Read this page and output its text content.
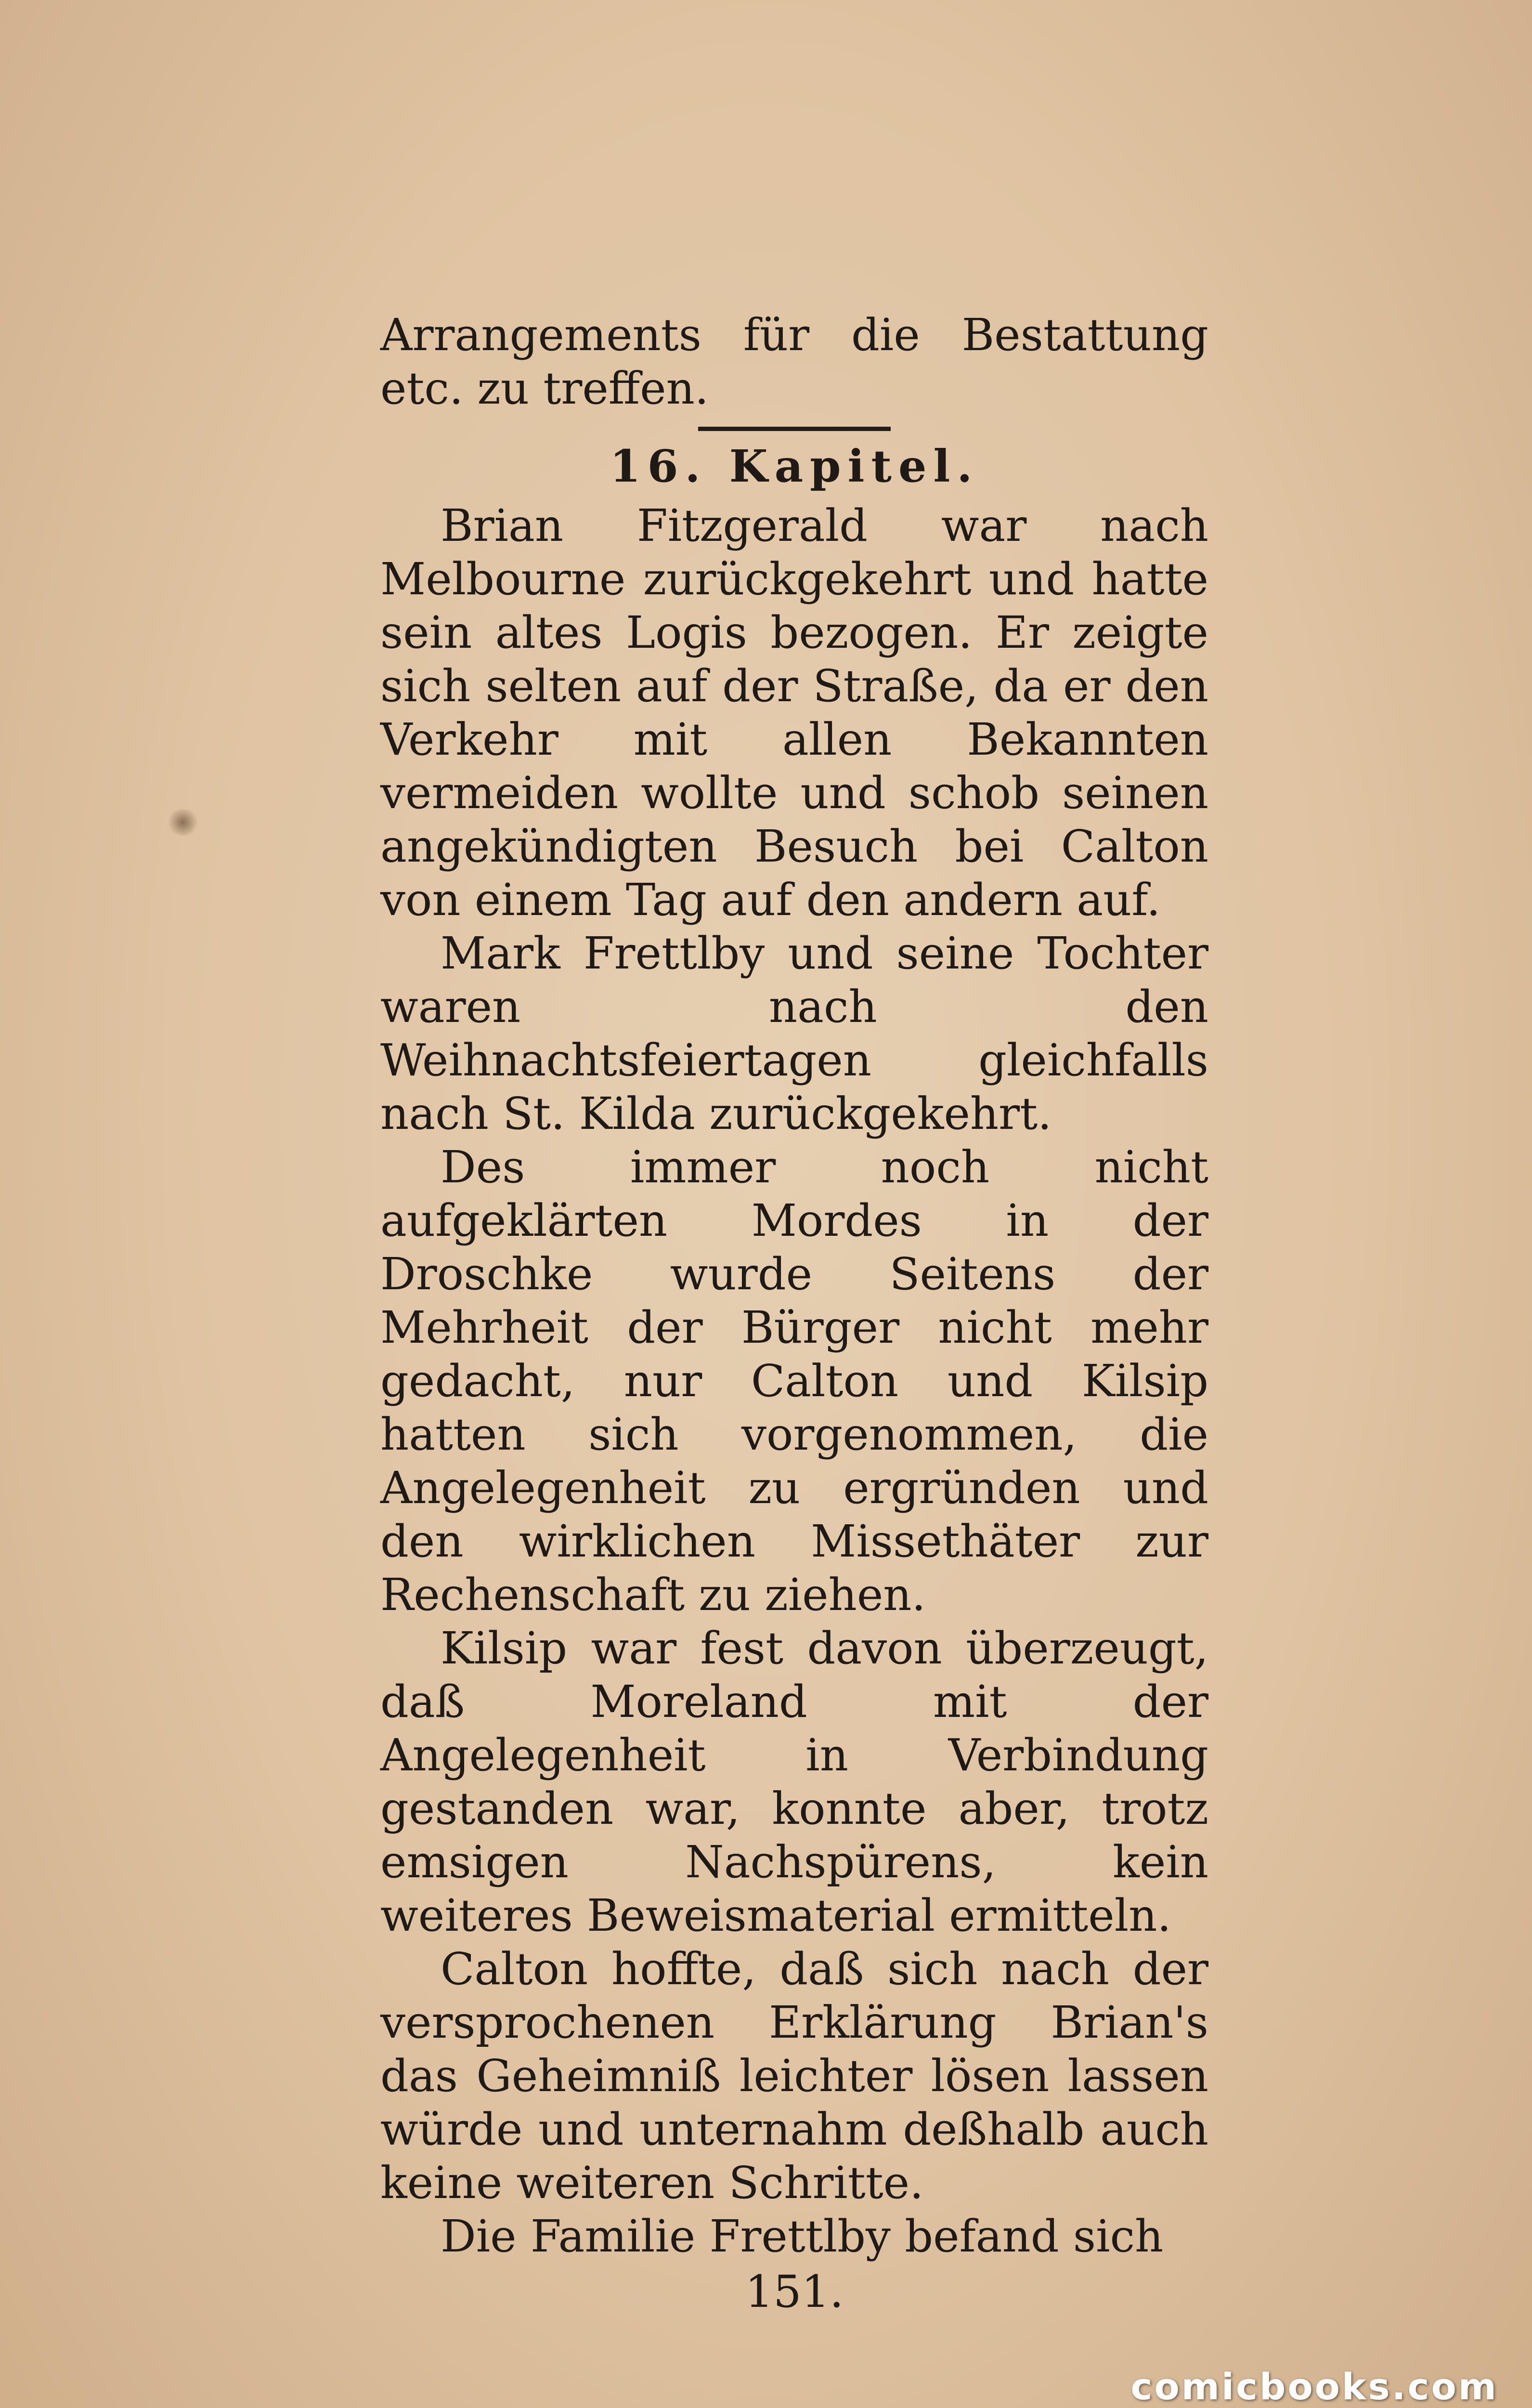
Arrangements für die Bestattung etc. zu treffen.

16. Kapitel.

Brian Fitzgerald war nach Melbourne zurückgekehrt und hatte sein altes Logis bezogen. Er zeigte sich selten auf der Straße, da er den Verkehr mit allen Bekannten vermeiden wollte und schob seinen angekündigten Besuch bei Calton von einem Tag auf den andern auf.

Mark Frettlby und seine Tochter waren nach den Weihnachtsfeiertagen gleichfalls nach St. Kilda zurückgekehrt.

Des immer noch nicht aufgeklärten Mordes in der Droschke wurde Seitens der Mehrheit der Bürger nicht mehr gedacht, nur Calton und Kilsip hatten sich vorgenommen, die Angelegenheit zu ergründen und den wirklichen Missethäter zur Rechenschaft zu ziehen.

Kilsip war fest davon überzeugt, daß Moreland mit der Angelegenheit in Verbindung gestanden war, konnte aber, trotz emsigen Nachspürens, kein weiteres Beweismaterial ermitteln.

Calton hoffte, daß sich nach der versprochenen Erklärung Brian's das Geheimniß leichter lösen lassen würde und unternahm deßhalb auch keine weiteren Schritte.

Die Familie Frettlby befand sich

151.
comicbooks.com
